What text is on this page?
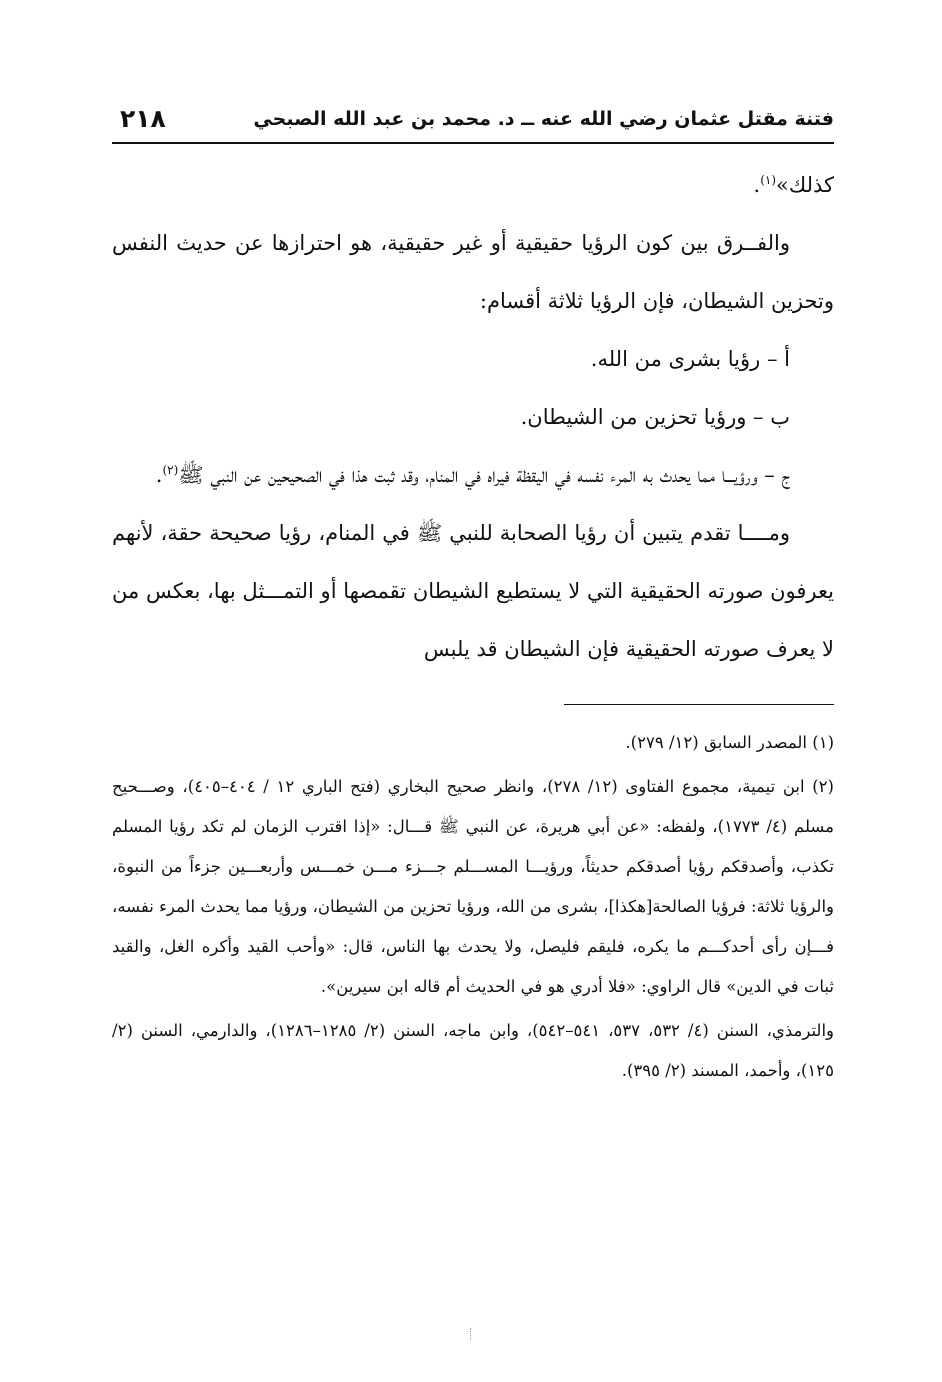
فتنة مقتل عثمان رضي الله عنه ــ د. محمد بن عبد الله الصبحي
٢١٨

كذلك»$^{(١)}$.

والفــرق بين كون الرؤيا حقيقية أو غير حقيقية، هو احترازها عن حديث النفس وتحزين الشيطان، فإن الرؤيا ثلاثة أقسام:

أ – رؤيا بشرى من الله.

ب – ورؤيا تحزين من الشيطان.

ج – ورؤيـــا مما يحدث به المرء نفسه في اليقظة فيراه في المنام، وقد ثبت هذا في الصحيحين عن النبي ﷺ$^{(٢)}$.

ومــــا تقدم يتبين أن رؤيا الصحابة للنبي ﷺ في المنام، رؤيا صحيحة حقة، لأنهم يعرفون صورته الحقيقية التي لا يستطيع الشيطان تقمصها أو التمـــثل بها، بعكس من لا يعرف صورته الحقيقية فإن الشيطان قد يلبس

(١) المصدر السابق (١٢/ ٢٧٩).

(٢) ابن تيمية، مجموع الفتاوى (١٢/ ٢٧٨)، وانظر صحيح البخاري (فتح الباري ١٢ / ٤٠٤–٤٠٥)، وصـــحيح مسلم (٤/ ١٧٧٣)، ولفظه: «عن أبي هريرة، عن النبي ﷺ قـــال: «إذا اقترب الزمان لم تكد رؤيا المسلم تكذب، وأصدقكم رؤيا أصدقكم حديثاً، ورؤيـــا المســـلم جـــزء مـــن خمـــس وأربعـــين جزءاً من النبوة، والرؤيا ثلاثة: فرؤيا الصالحة[هكذا]، بشرى من الله، ورؤيا تحزين من الشيطان، ورؤيا مما يحدث المرء نفسه، فـــإن رأى أحدكـــم ما يكره، فليقم فليصل، ولا يحدث بها الناس، قال: «وأحب القيد وأكره الغل، والقيد ثبات في الدين» قال الراوي: «فلا أدري هو في الحديث أم قاله ابن سيرين».

والترمذي، السنن (٤/ ٥٣٢، ٥٣٧، ٥٤١–٥٤٢)، وابن ماجه، السنن (٢/ ١٢٨٥–١٢٨٦)، والدارمي، السنن (٢/ ١٢٥)، وأحمد، المسند (٢/ ٣٩٥).
